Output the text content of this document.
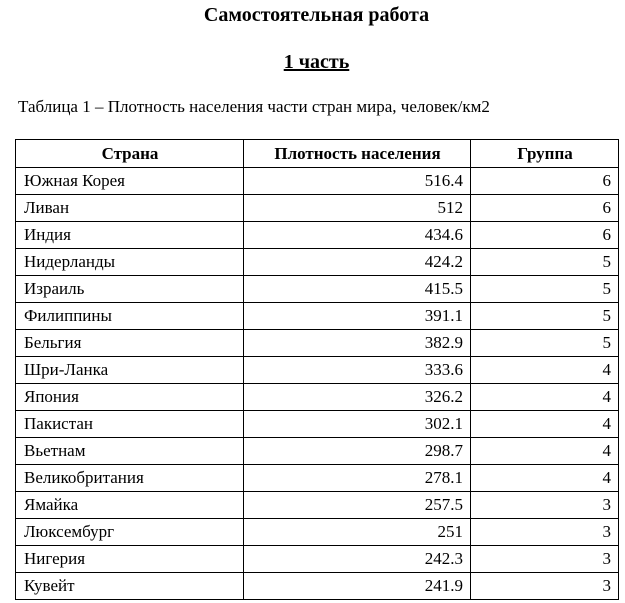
Самостоятельная работа
1 часть
Таблица 1 – Плотность населения части стран мира, человек/км2
Страна	Плотность населения	Группа
Южная Корея	516.4	6
Ливан	512	6
Индия	434.6	6
Нидерланды	424.2	5
Израиль	415.5	5
Филиппины	391.1	5
Бельгия	382.9	5
Шри-Ланка	333.6	4
Япония	326.2	4
Пакистан	302.1	4
Вьетнам	298.7	4
Великобритания	278.1	4
Ямайка	257.5	3
Люксембург	251	3
Нигерия	242.3	3
Кувейт	241.9	3
